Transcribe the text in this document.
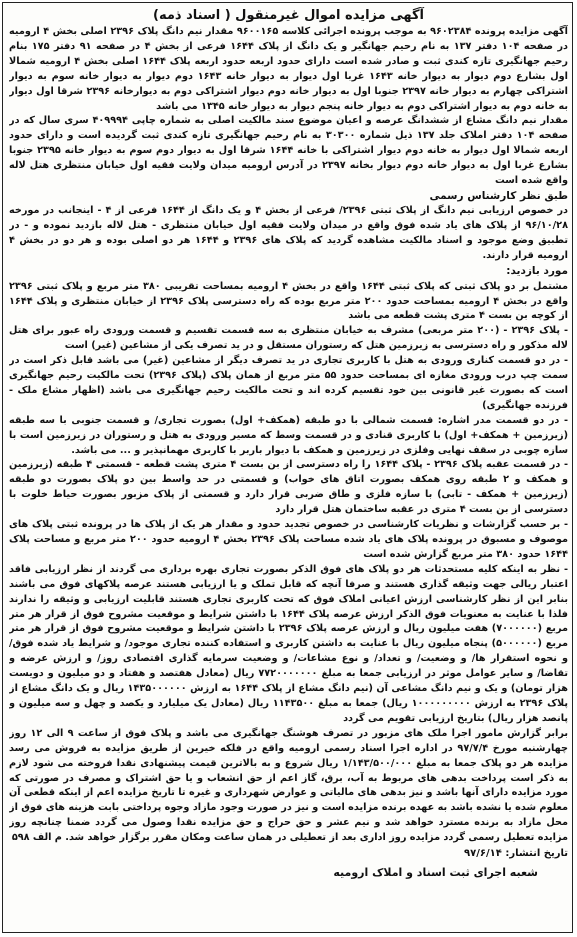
آگهی مزایده اموال غیرمنقول ( اسناد ذمه)

آگهی مزایده پرونده ۹۶۰۲۳۸۴ به موجب پرونده اجرائی کلاسه ۹۶۰۰۱۶۵ مقدار نیم دانگ پلاک ۲۳۹۶ اصلی بخش ۴ ارومیه در صفحه ۱۰۴ دفتر ۱۳۷ به نام رحیم جهانگیر و یک دانگ از پلاک ۱۶۴۴ فرعی از بخش ۴ در صفحه ۹۱ دفتر ۱۷۵ بنام رحیم جهانگیری تازه کندی ثبت و صادر شده است دارای حدود اربعه حدود اربعه پلاک ۱۶۴۴ اصلی بخش ۴ ارومیه شمالا اول بشارع دوم دیوار به دیوار خانه ۱۶۴۳ غربا اول دیوار به دیوار خانه ۱۶۴۳ دوم دیوار به دیوار خانه سوم به دیوار اشتراکی چهارم به دیوار خانه ۲۳۹۷ جنوبا اول به دیوار خانه دوم دیوار اشتراکی دوم به دیوارخانه ۲۳۹۶ شرقا اول دیوار به خانه دوم به دیوار اشتراکی دوم به دیوار خانه پنجم دیوار به دیوار خانه ۱۳۴۵ می باشد

مقدار نیم دانگ مشاع از ششدانگ عرصه و اعیان موضوع سند مالکیت اصلی به شماره چاپی ۴۰۹۹۹۴ سری سال که در صفحه ۱۰۴ دفتر املاک جلد ۱۳۷ ذیل شماره ۳۰۳۰۰ به نام رحیم جهانگیری تازه کندی ثبت گردیده است و دارای حدود اربعه شمالا اول دیوار به خانه دوم دیوار اشتراکی با خانه ۱۶۴۴ شرقا اول به دیوار دوم سوم به دیوار خانه ۲۳۹۵ جنوبا بشارع غربا اول به دیوار خانه دوم دیوار بخانه ۲۳۹۷ در آدرس ارومیه میدان ولایت فقیه اول خیابان منتظری هتل لاله واقع شده است

طبق نظر کارشناس رسمی

در خصوص ارزیابی نیم دانگ از پلاک ثبتی ۲۳۹۶/ فرعی از بخش ۴ و یک دانگ از ۱۶۴۴ فرعی از ۴ - اینجانب در مورخه ۹۶/۱۰/۲۸ از پلاک های یاد شده فوق واقع در میدان ولایت فقیه اول خیابان منتظری - هتل لاله بازدید نموده و - در تطبیق وضع موجود و اسناد مالکیت مشاهده گردید که پلاک های ۲۳۹۶ و ۱۶۴۴ هر دو اصلی بوده و هر دو در بخش ۴ ارومیه قرار دارند.

مورد بازدید:

مشتمل بر دو پلاک ثبتی که پلاک ثبتی ۱۶۴۴ واقع در بخش ۴ ارومیه بمساحت تقریبی ۳۸۰ متر مربع و پلاک ثبتی ۲۳۹۶ واقع در بخش ۴ ارومیه بمساحت حدود ۲۰۰ متر مربع بوده که راه دسترسی پلاک ۲۳۹۶ از خیابان منتظری و پلاک ۱۶۴۴ از کوچه بن بست ۴ متری پشت قطعه می باشد

- پلاک ۲۳۹۶ - (۲۰۰ متر مربعی) مشرف به خیابان منتظری به سه قسمت تقسیم و قسمت ورودی راه عبور برای هتل لاله مذکور و راه دسترسی به زیرزمین هتل که رستوران مستقل و در ید تصرف یکی از مشاعین (غیر) است

- در دو قسمت کناری ورودی به هتل با کاربری تجاری در ید تصرف دیگر از مشاعین (غیر) می باشد قابل ذکر است در سمت چپ درب ورودی مغازه ای بمساحت حدود ۵۵ متر مربع از همان پلاک (پلاک ۲۳۹۶) تحت مالکیت رحیم جهانگیری است که بصورت غیر قانونی بین خود تقسیم کرده اند و تحت مالکیت رحیم جهانگیری می باشد (اظهار مشاع ملک - فرزنده جهانگیری)

- در دو قسمت مدر اشاره: قسمت شمالی با دو طبقه (همکف+ اول) بصورت تجاری/ و قسمت جنوبی با سه طبقه (زیرزمین + همکف+ اول) با کاربری قنادی و در قسمت وسط که مسیر ورودی به هتل و رستوران در زیرزمین است با سازه چوبی در سقف نهایی وفلزی در زیرزمین و همکف با دیوار باربر با کاربری مهمانپذیر و ... می باشد.

- در قسمت عقبه پلاک ۲۳۹۶ - پلاک ۱۶۴۴ را راه دسترسی از بن بست ۴ متری پشت قطعه - قسمتی ۴ طبقه (زیرزمین و همکف و ۲ طبقه روی همکف بصورت اتاق های خواب) و قسمتی در حد واسط بین دو پلاک بصورت دو طبقه (زیرزمین + همکف - تابی) با سازه فلزی و طاق ضربی قرار دارد و قسمتی از پلاک مزبور بصورت حیاط خلوت با دسترسی از بن بست ۴ متری در عقبه ساختمان هتل قرار دارد

- بر حسب گزارشات و نظریات کارشناسی در خصوص تجدید حدود و مقدار هر یک از پلاک ها در پرونده ثبتی پلاک های موصوف و مسبوق در پرونده پلاک های یاد شده مساحت پلاک ۲۳۹۶ بخش ۴ ارومیه حدود ۲۰۰ متر مربع و مساحت پلاک ۱۶۴۴ حدود ۳۸۰ متر مربع گزارش شده است

- نظر به اینکه کلیه مستحدثات هر دو پلاک های فوق الذکر بصورت تجاری بهره برداری می گردند از نظر ارزیابی فاقد اعتبار ریالی جهت وثیقه گذاری هستند و صرفا آنچه که قابل تملک و یا ارزیابی هستند عرصه پلاکهای فوق می باشند بنابر این از نظر کارشناسی ارزش اعیانی املاک فوق که تحت کاربری تجاری هستند قابلیت ارزیابی و وثیقه را ندارند فلذا با عنایت به معنویات فوق الذکر ارزش عرصه پلاک ۱۶۴۴ با داشتن شرایط و موقعیت مشروح فوق از قرار هر متر مربع (۷۰۰۰۰۰۰) هفت میلیون ریال و ارزش عرصه پلاک ۲۳۹۶ با داشتن شرایط و موقعیت مشروح فوق از قرار هر متر مربع (۵۰۰۰۰۰۰) پنجاه میلیون ریال با عنایت به داشتن کاربری و استفاده کننده تجاری موجود/ و شرایط یاد شده فوق/ و نحوه استقرار ها/ و وضعیت/ و تعداد/ و نوع مشاعات/ و وضعیت سرمایه گذاری اقتصادی روز/ و ارزش عرضه و تقاضا/ و سایر عوامل موثر در ارزیابی جمعا به مبلغ ۷۷۲۰۰۰۰۰۰۰ ریال (معادل هفتصد و هفتاد و دو میلیون و دویست هزار تومان) و یک و نیم دانگ مشاعی آن (نیم دانگ مشاع از پلاک ۱۶۴۴ به ارزش ۱۴۳۵۰۰۰۰۰۰ ریال و یک دانگ مشاع از پلاک ۲۳۹۶ به ارزش ۱۰۰۰۰۰۰۰۰۰ ریال) جمعا به مبلغ ۱۱۴۳۵۰۰ ریال (معادل یک میلیارد و یکصد و چهل و سه میلیون و پانصد هزار ریال) بتاریخ ارزیابی تقویم می گردد

برابر گزارش مامور اجرا ملک های مزبور در تصرف هوشنگ جهانگیری می باشد و پلاک فوق از ساعت ۹ الی ۱۲ روز چهارشنبه مورخ ۹۷/۷/۴ در اداره اجرا اسناد رسمی ارومیه واقع در فلکه خیرین از طریق مزایده به فروش می رسد مزایده هر دو پلاک جمعا به مبلغ ۱/۱۴۳/۵۰۰/۰۰۰ ریال شروع و به بالاترین قیمت پیشنهادی نقدا فروخته می شود لازم به ذکر است پرداخت بدهی های مربوط به آب، برق، گاز اعم از حق انشعاب و یا حق اشتراک و مصرف در صورتی که مورد مزایده دارای آنها باشد و نیز بدهی های مالیاتی و عوارض شهرداری و غیره تا تاریخ مزایده اعم از اینکه قطعی آن معلوم شده یا نشده باشد به عهده برنده مزایده است و نیز در صورت وجود مازاد وجوه پرداختی بابت هزینه های فوق از محل مازاد به برنده مسترد خواهد شد و نیم عشر و حق حراج و حق مزایده نقدا وصول می گردد ضمنا چنانچه روز مزایده تعطیل رسمی گردد مزایده روز اداری بعد از تعطیلی در همان ساعت ومکان مقرر برگزار خواهد شد. م الف ۵۹۸

تاریخ انتشار: ۹۷/۶/۱۴

شعبه اجرای ثبت اسناد و املاک ارومیه
